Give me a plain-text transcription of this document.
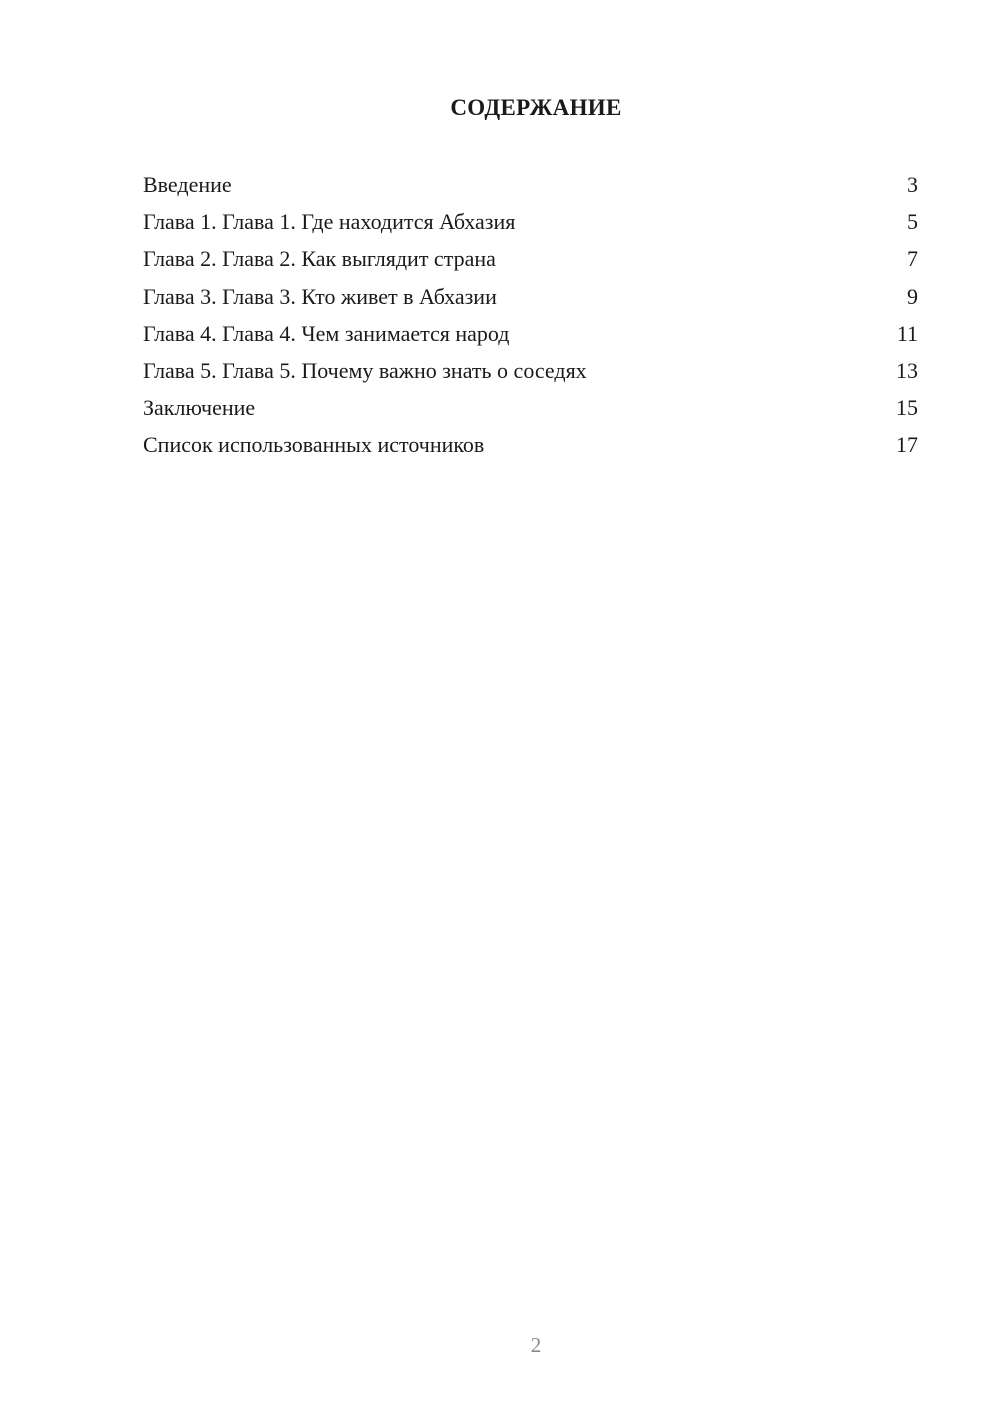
СОДЕРЖАНИЕ
Введение	3
Глава 1. Глава 1. Где находится Абхазия	5
Глава 2. Глава 2. Как выглядит страна	7
Глава 3. Глава 3. Кто живет в Абхазии	9
Глава 4. Глава 4. Чем занимается народ	11
Глава 5. Глава 5. Почему важно знать о соседях	13
Заключение	15
Список использованных источников	17
2
